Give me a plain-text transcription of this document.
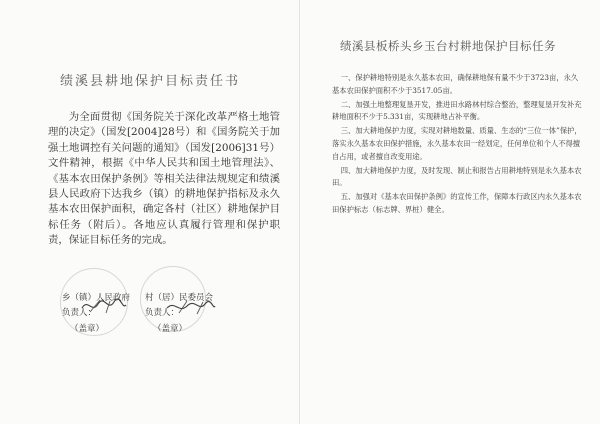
绩溪县耕地保护目标责任书
为全面贯彻《国务院关于深化改革严格土地管理的决定》（国发[2004]28号）和《国务院关于加强土地调控有关问题的通知》（国发[2006]31号）文件精神，根据《中华人民共和国土地管理法》、《基本农田保护条例》等相关法律法规规定和绩溪县人民政府下达我乡（镇）的耕地保护指标及永久基本农田保护面积，确定各村（社区）耕地保护目标任务（附后）。各地应认真履行管理和保护职责，保证目标任务的完成。
乡（镇）人民政府
负责人：
（盖章）
村（居）民委员会
负责人：
（盖章）
绩溪县板桥头乡玉台村耕地保护目标任务

一、保护耕地特别是永久基本农田，确保耕地保有量不少于3723亩，永久基本农田保护面积不少于3517.05亩。

二、加强土地整理复垦开发，推进田水路林村综合整治，整理复垦开发补充耕地面积不少于5.331亩，实现耕地占补平衡。

三、加大耕地保护力度，实现对耕地数量、质量、生态的“三位一体”保护，落实永久基本农田保护措施，永久基本农田一经划定，任何单位和个人不得擅自占用，或者擅自改变用途。

四、加大耕地保护力度，及时发现、制止和报告占用耕地特别是永久基本农田。

五、加强对《基本农田保护条例》的宣传工作，保障本行政区内永久基本农田保护标志（标志牌、界桩）健全。
